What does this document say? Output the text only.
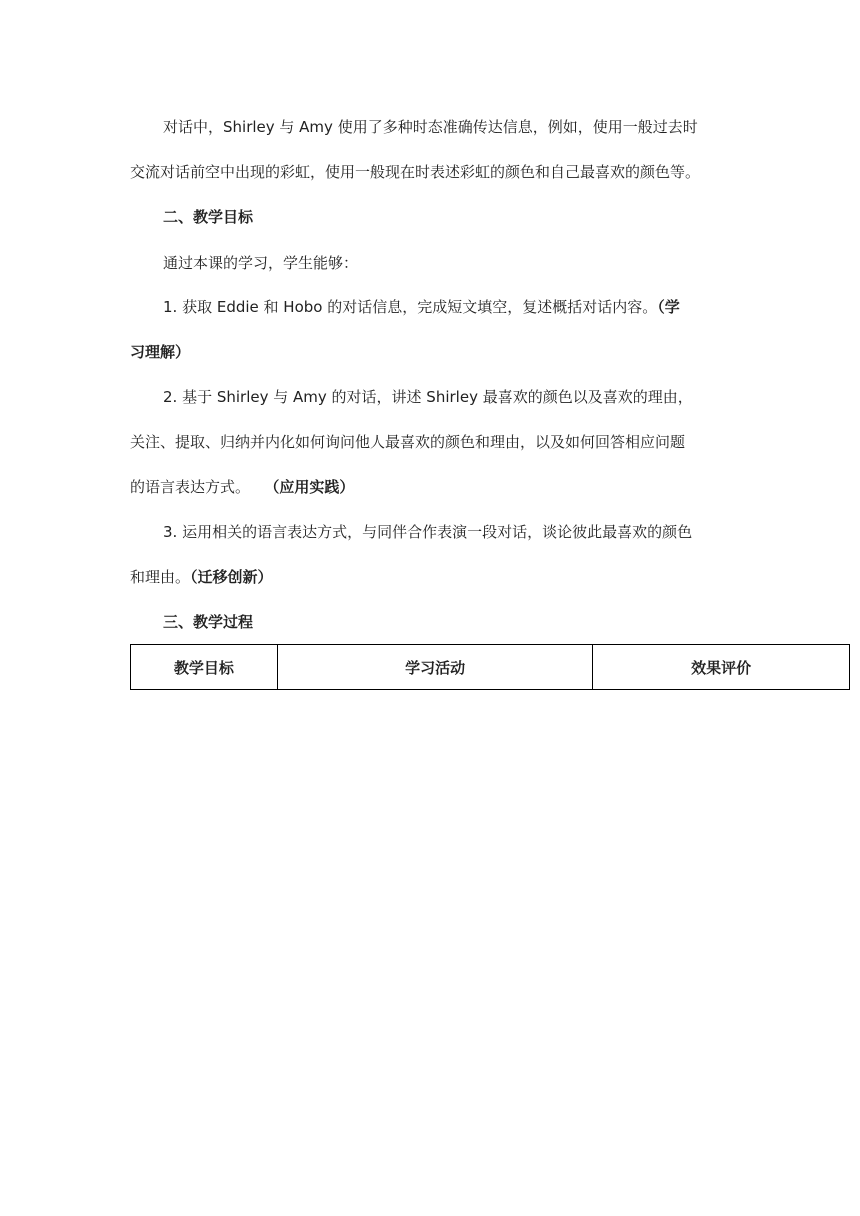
对话中，Shirley 与 Amy 使用了多种时态准确传达信息，例如，使用一般过去时
交流对话前空中出现的彩虹，使用一般现在时表述彩虹的颜色和自己最喜欢的颜色等。
二、教学目标
通过本课的学习，学生能够：
1. 获取 Eddie 和 Hobo 的对话信息，完成短文填空，复述概括对话内容。（学
习理解）
2. 基于 Shirley 与 Amy 的对话，讲述 Shirley 最喜欢的颜色以及喜欢的理由，
关注、提取、归纳并内化如何询问他人最喜欢的颜色和理由，以及如何回答相应问题
的语言表达方式。 （应用实践）
3. 运用相关的语言表达方式，与同伴合作表演一段对话，谈论彼此最喜欢的颜色
和理由。（迁移创新）
三、教学过程
教学目标	学习活动	效果评价
